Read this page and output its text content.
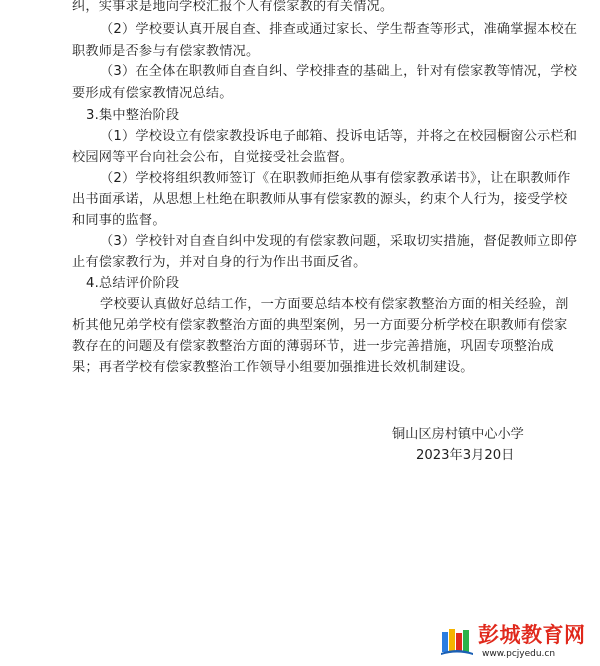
纠，实事求是地向学校汇报个人有偿家教的有关情况。
（2）学校要认真开展自查、排查或通过家长、学生帮查等形式，准确掌握本校在
职教师是否参与有偿家教情况。
（3）在全体在职教师自查自纠、学校排查的基础上，针对有偿家教等情况，学校
要形成有偿家教情况总结。
3.集中整治阶段
（1）学校设立有偿家教投诉电子邮箱、投诉电话等，并将之在校园橱窗公示栏和
校园网等平台向社会公布，自觉接受社会监督。
（2）学校将组织教师签订《在职教师拒绝从事有偿家教承诺书》，让在职教师作
出书面承诺，从思想上杜绝在职教师从事有偿家教的源头，约束个人行为，接受学校
和同事的监督。
（3）学校针对自查自纠中发现的有偿家教问题，采取切实措施，督促教师立即停
止有偿家教行为，并对自身的行为作出书面反省。
4.总结评价阶段
学校要认真做好总结工作，一方面要总结本校有偿家教整治方面的相关经验，剖
析其他兄弟学校有偿家教整治方面的典型案例，另一方面要分析学校在职教师有偿家
教存在的问题及有偿家教整治方面的薄弱环节，进一步完善措施，巩固专项整治成
果；再者学校有偿家教整治工作领导小组要加强推进长效机制建设。
铜山区房村镇中心小学
2023年3月20日
彭城教育网
www.pcjyedu.cn
